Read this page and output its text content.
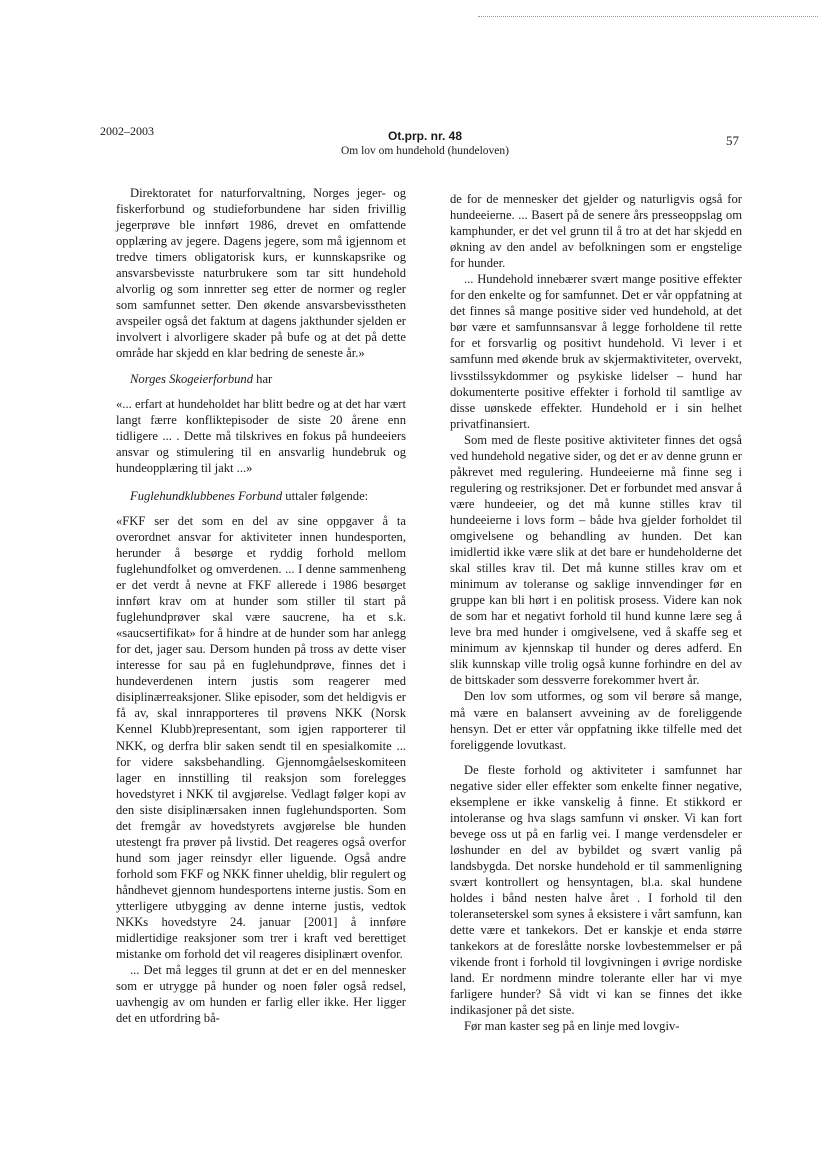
2002–2003	Ot.prp. nr. 48
Om lov om hundehold (hundeloven)
57

Direktoratet for naturforvaltning, Norges jeger- og fiskerforbund og studieforbundene har siden frivillig jegerprøve ble innført 1986, drevet en omfattende opplæring av jegere. Dagens jegere, som må igjennom et tredve timers obligatorisk kurs, er kunnskapsrike og ansvarsbevisste naturbrukere som tar sitt hundehold alvorlig og som innretter seg etter de normer og regler som samfunnet setter. Den økende ansvarsbevisstheten avspeiler også det faktum at dagens jakthunder sjelden er involvert i alvorligere skader på bufe og at det på dette område har skjedd en klar bedring de seneste år.»

Norges Skogeierforbund har

«... erfart at hundeholdet har blitt bedre og at det har vært langt færre konfliktepisoder de siste 20 årene enn tidligere ... . Dette må tilskrives en fokus på hundeeiers ansvar og stimulering til en ansvarlig hundebruk og hundeopplæring til jakt ...»

Fuglehundklubbenes Forbund uttaler følgende:

«FKF ser det som en del av sine oppgaver å ta overordnet ansvar for aktiviteter innen hundesporten, herunder å besørge et ryddig forhold mellom fuglehundfolket og omverdenen. ... I denne sammenheng er det verdt å nevne at FKF allerede i 1986 besørget innført krav om at hunder som stiller til start på fuglehundprøver skal være saucrene, ha et s.k. «saucsertifikat» for å hindre at de hunder som har anlegg for det, jager sau. Dersom hunden på tross av dette viser interesse for sau på en fuglehundprøve, finnes det i hundeverdenen intern justis som reagerer med disiplinærreaksjoner. Slike episoder, som det heldigvis er få av, skal innrapporteres til prøvens NKK (Norsk Kennel Klubb)representant, som igjen rapporterer til NKK, og derfra blir saken sendt til en spesialkomite ... for videre saksbehandling. Gjennomgåelseskomiteen lager en innstilling til reaksjon som forelegges hovedstyret i NKK til avgjørelse. Vedlagt følger kopi av den siste disiplinærsaken innen fuglehundsporten. Som det fremgår av hovedstyrets avgjørelse ble hunden utestengt fra prøver på livstid. Det reageres også overfor hund som jager reinsdyr eller liguende. Også andre forhold som FKF og NKK finner uheldig, blir regulert og håndhevet gjennom hundesportens interne justis. Som en ytterligere utbygging av denne interne justis, vedtok NKKs hovedstyre 24. januar [2001] å innføre midlertidige reaksjoner som trer i kraft ved berettiget mistanke om forhold det vil reageres disiplinært ovenfor.

... Det må legges til grunn at det er en del mennesker som er utrygge på hunder og noen føler også redsel, uavhengig av om hunden er farlig eller ikke. Her ligger det en utfordring bå-

de for de mennesker det gjelder og naturligvis også for hundeeierne. ... Basert på de senere års presseoppslag om kamphunder, er det vel grunn til å tro at det har skjedd en økning av den andel av befolkningen som er engstelige for hunder.

... Hundehold innebærer svært mange positive effekter for den enkelte og for samfunnet. Det er vår oppfatning at det finnes så mange positive sider ved hundehold, at det bør være et samfunnsansvar å legge forholdene til rette for et forsvarlig og positivt hundehold. Vi lever i et samfunn med økende bruk av skjermaktiviteter, overvekt, livsstilssykdommer og psykiske lidelser – hund har dokumenterte positive effekter i forhold til samtlige av disse uønskede effekter. Hundehold er i sin helhet privatfinansiert.

Som med de fleste positive aktiviteter finnes det også ved hundehold negative sider, og det er av denne grunn er påkrevet med regulering. Hundeeierne må finne seg i regulering og restriksjoner. Det er forbundet med ansvar å være hundeeier, og det må kunne stilles krav til hundeeierne i lovs form – både hva gjelder forholdet til omgivelsene og behandling av hunden. Det kan imidlertid ikke være slik at det bare er hundeholderne det skal stilles krav til. Det må kunne stilles krav om et minimum av toleranse og saklige innvendinger før en gruppe kan bli hørt i en politisk prosess. Videre kan nok de som har et negativt forhold til hund kunne lære seg å leve bra med hunder i omgivelsene, ved å skaffe seg et minimum av kjennskap til hunder og deres adferd. En slik kunnskap ville trolig også kunne forhindre en del av de bittskader som dessverre forekommer hvert år.

Den lov som utformes, og som vil berøre så mange, må være en balansert avveining av de foreliggende hensyn. Det er etter vår oppfatning ikke tilfelle med det foreliggende lovutkast.

De fleste forhold og aktiviteter i samfunnet har negative sider eller effekter som enkelte finner negative, eksemplene er ikke vanskelig å finne. Et stikkord er intoleranse og hva slags samfunn vi ønsker. Vi kan fort bevege oss ut på en farlig vei. I mange verdensdeler er løshunder en del av bybildet og svært vanlig på landsbygda. Det norske hundehold er til sammenligning svært kontrollert og hensyntagen, bl.a. skal hundene holdes i bånd nesten halve året . I forhold til den toleranseterskel som synes å eksistere i vårt samfunn, kan dette være et tankekors. Det er kanskje et enda større tankekors at de foreslåtte norske lovbestemmelser er på vikende front i forhold til lovgivningen i øvrige nordiske land. Er nordmenn mindre tolerante eller har vi mye farligere hunder? Så vidt vi kan se finnes det ikke indikasjoner på det siste.

Før man kaster seg på en linje med lovgiv-
